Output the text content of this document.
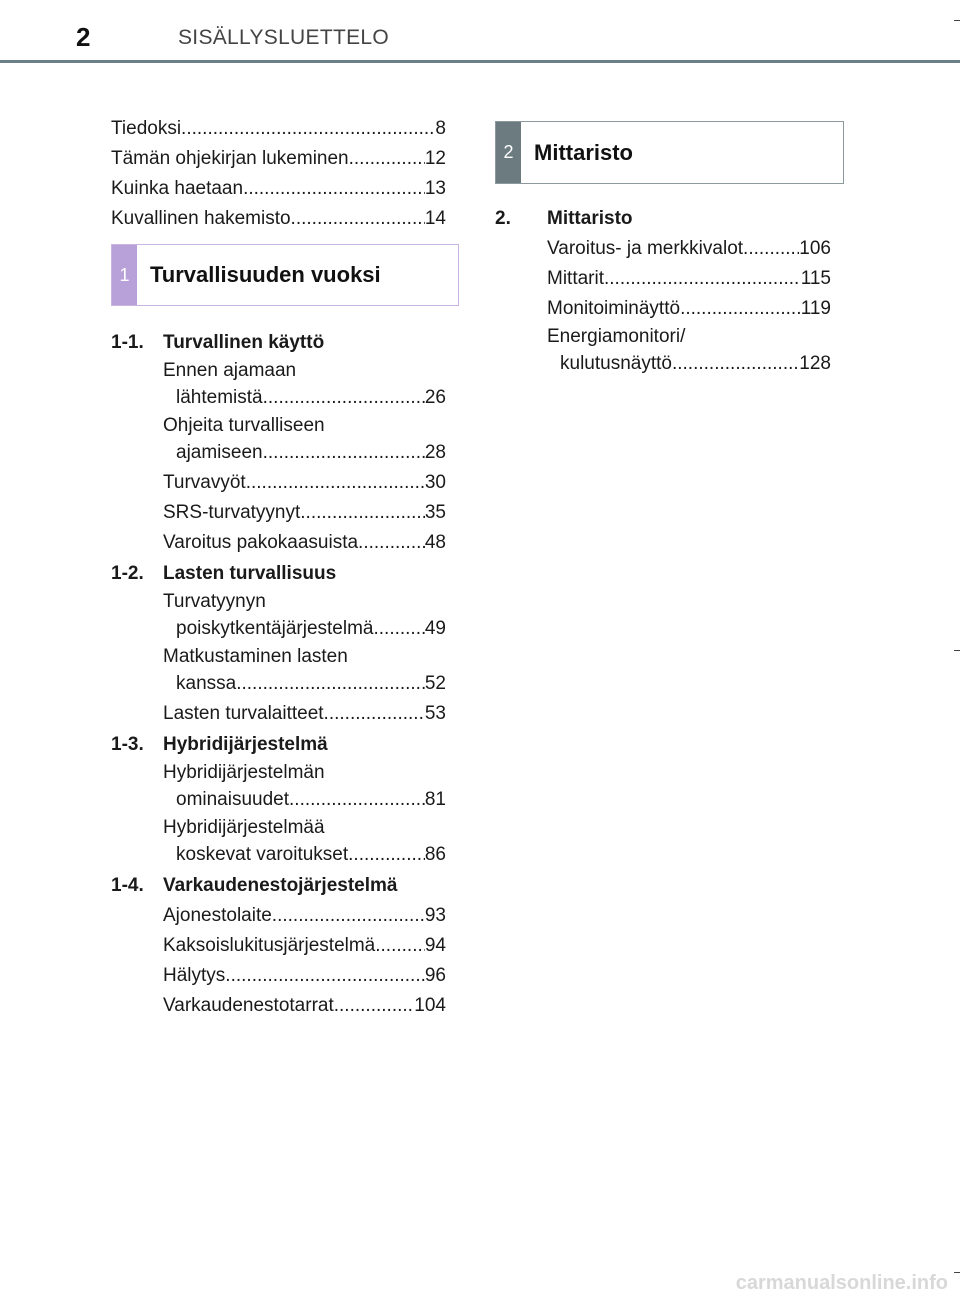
2	SISÄLLYSLUETTELO
Tiedoksi .....	8
Tämän ohjekirjan lukeminen .....	12
Kuinka haetaan .....	13
Kuvallinen hakemisto .....	14
1 Turvallisuuden vuoksi
1-1.	Turvallinen käyttö
Ennen ajamaan
lähtemistä .....	26
Ohjeita turvalliseen
ajamiseen .....	28
Turvavyöt .....	30
SRS-turvatyynyt .....	35
Varoitus pakokaasuista .....	48
1-2.	Lasten turvallisuus
Turvatyynyn
poiskytkentäjärjestelmä .....	49
Matkustaminen lasten
kanssa .....	52
Lasten turvalaitteet .....	53
1-3.	Hybridijärjestelmä
Hybridijärjestelmän
ominaisuudet .....	81
Hybridijärjestelmää
koskevat varoitukset .....	86
1-4.	Varkaudenestojärjestelmä
Ajonestolaite .....	93
Kaksoislukitusjärjestelmä .....	94
Hälytys .....	96
Varkaudenestotarrat .....	104
2 Mittaristo
2.	Mittaristo
Varoitus- ja merkkivalot .....	106
Mittarit .....	115
Monitoiminäyttö .....	119
Energiamonitori/
kulutusnäyttö .....	128
carmanualsonline.info
